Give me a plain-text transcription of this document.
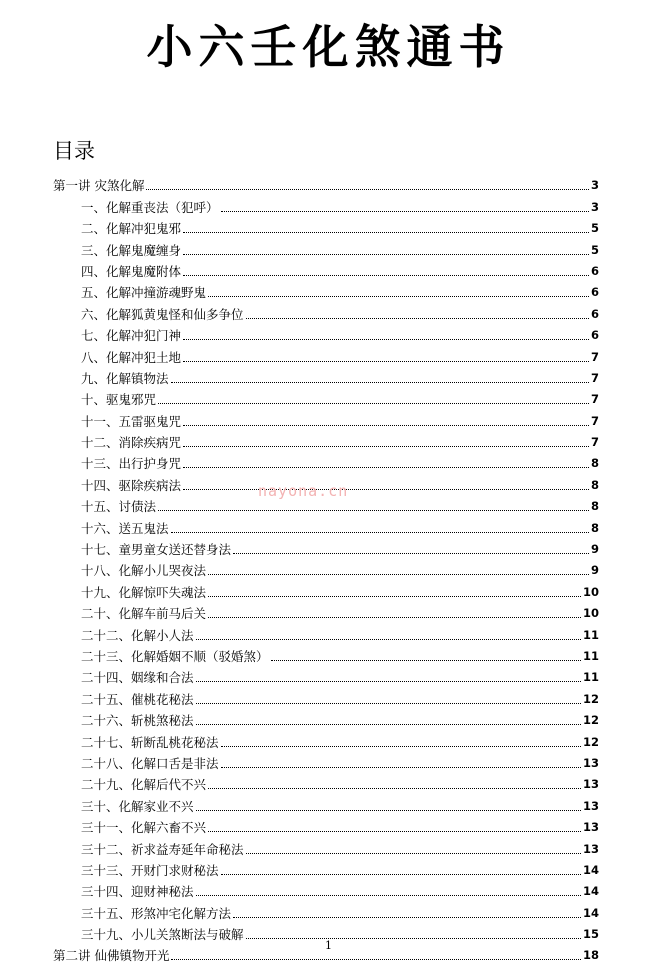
小六壬化煞通书
目录
第一讲 灾煞化解	3
一、化解重丧法（犯呼）	3
二、化解冲犯鬼邪	5
三、化解鬼魔缠身	5
四、化解鬼魔附体	6
五、化解冲撞游魂野鬼	6
六、化解狐黄鬼怪和仙多争位	6
七、化解冲犯门神	6
八、化解冲犯土地	7
九、化解镇物法	7
十、驱鬼邪咒	7
十一、五雷驱鬼咒	7
十二、消除疾病咒	7
十三、出行护身咒	8
十四、驱除疾病法	8
十五、讨债法	8
十六、送五鬼法	8
十七、童男童女送还替身法	9
十八、化解小儿哭夜法	9
十九、化解惊吓失魂法	10
二十、化解车前马后关	10
二十二、化解小人法	11
二十三、化解婚姻不顺（驳婚煞）	11
二十四、姻缘和合法	11
二十五、催桃花秘法	12
二十六、斩桃煞秘法	12
二十七、斩断乱桃花秘法	12
二十八、化解口舌是非法	13
二十九、化解后代不兴	13
三十、化解家业不兴	13
三十一、化解六畜不兴	13
三十二、祈求益寿延年命秘法	13
三十三、开财门求财秘法	14
三十四、迎财神秘法	14
三十五、形煞冲宅化解方法	14
三十九、小儿关煞断法与破解	15
第二讲 仙佛镇物开光	18
nayona.cn
1
